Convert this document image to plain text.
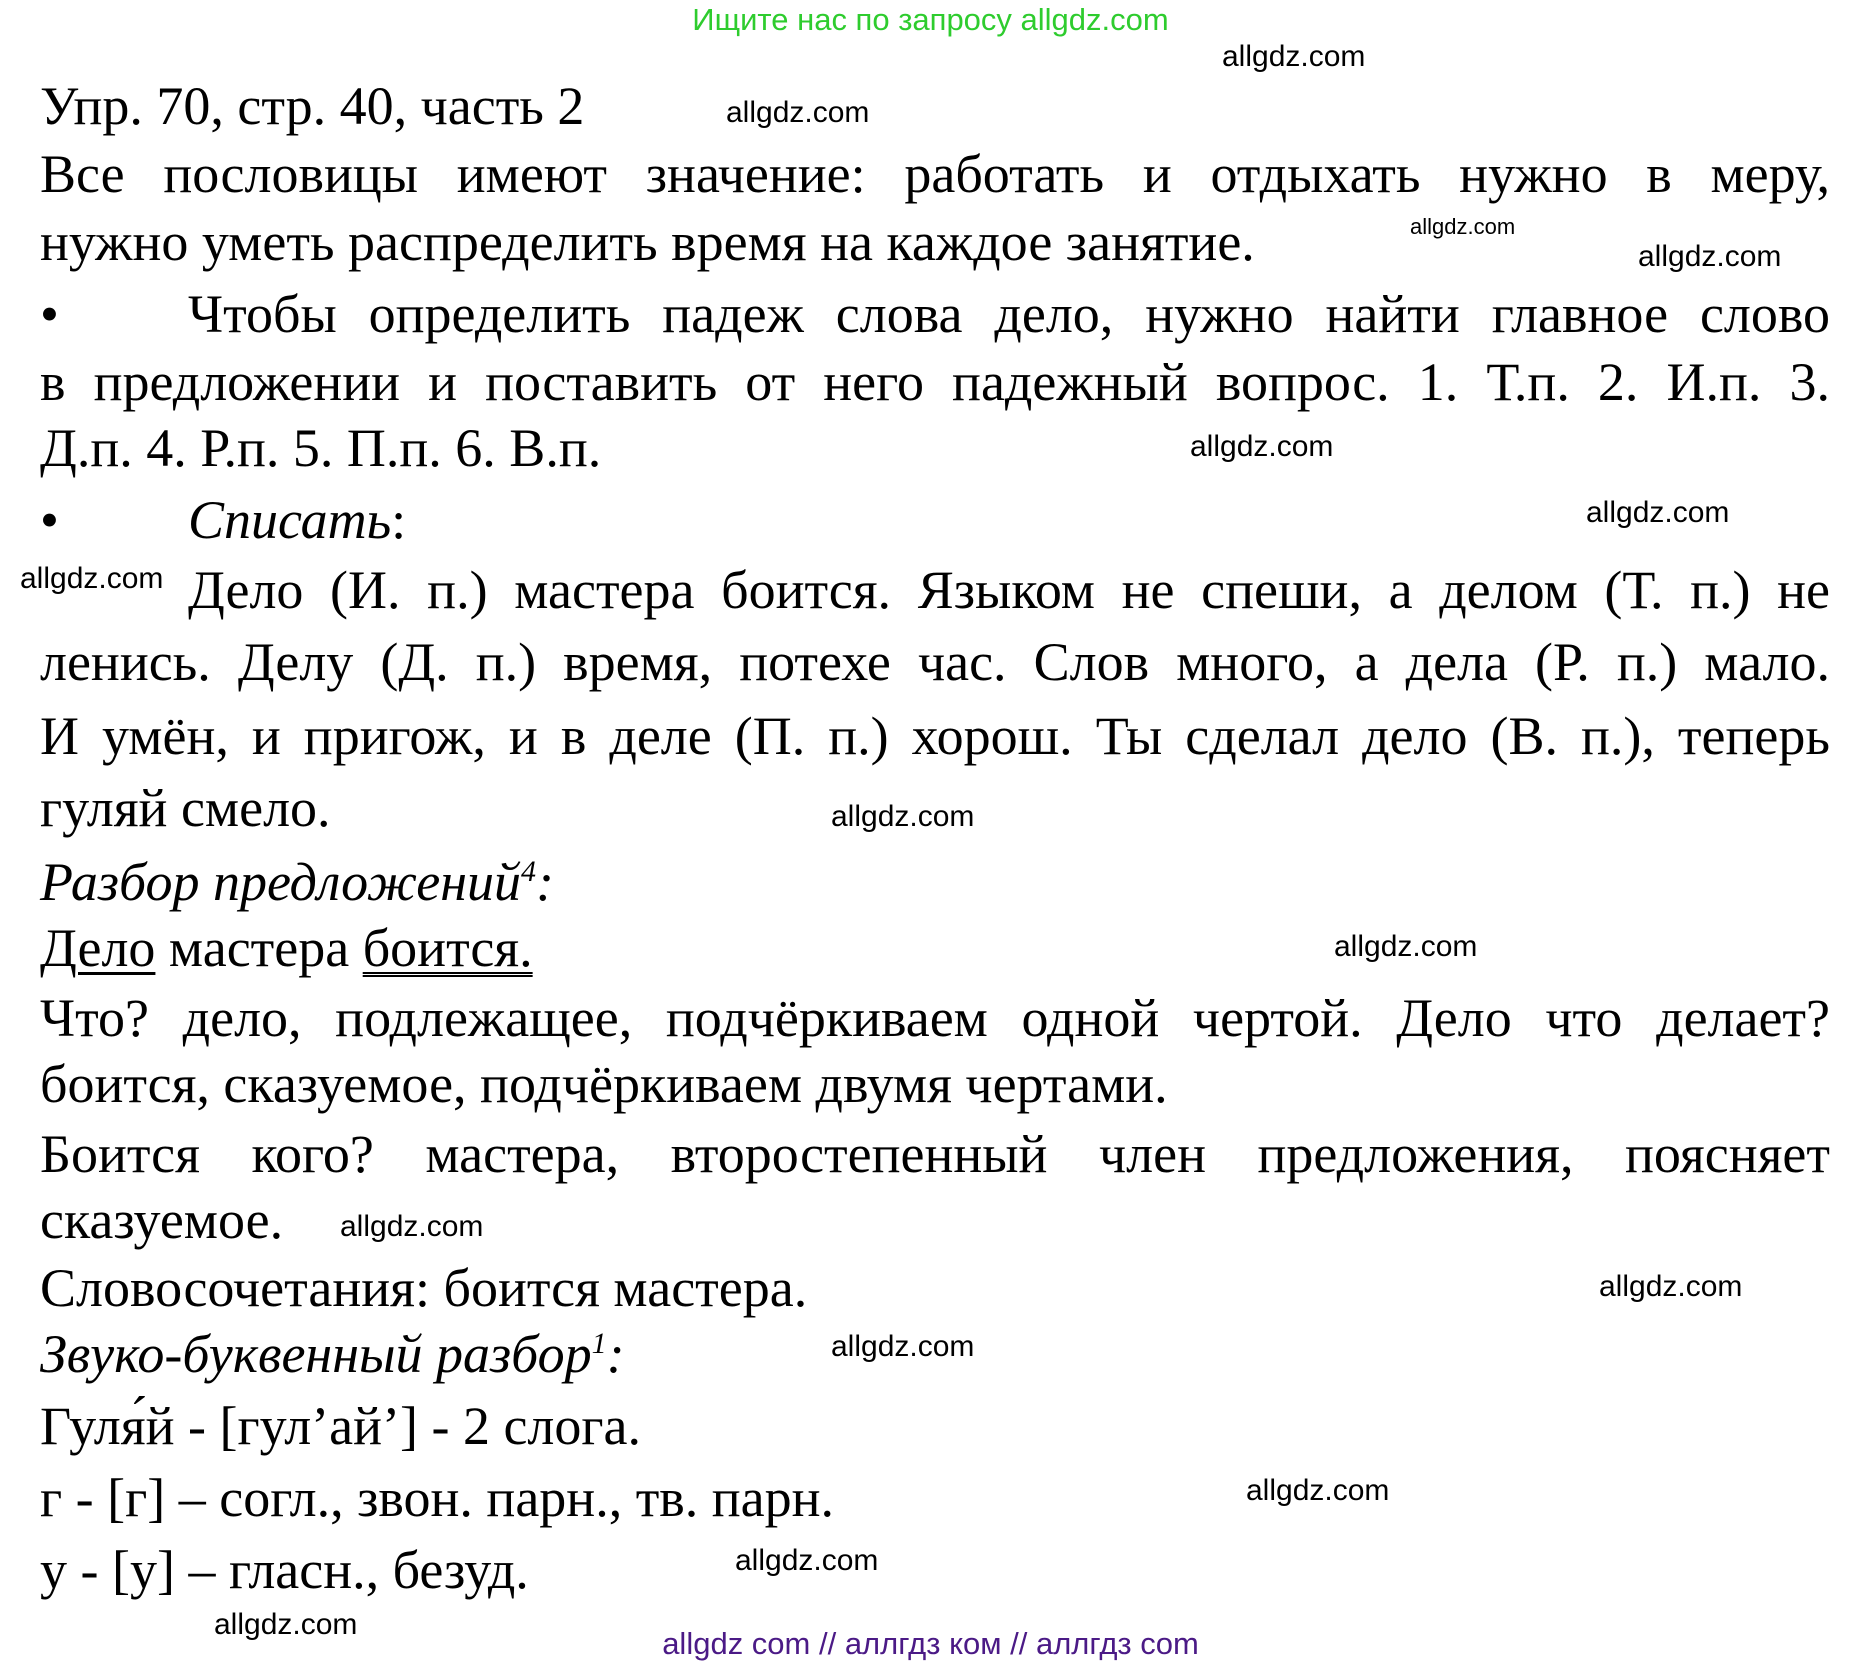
Ищите нас по запросу allgdz.com
Упр. 70, стр. 40, часть 2
Все пословицы имеют значение: работать и отдыхать нужно в меру,
нужно уметь распределить время на каждое занятие.
• Чтобы определить падеж слова дело, нужно найти главное слово
в предложении и поставить от него падежный вопрос. 1. Т.п. 2. И.п. 3.
Д.п. 4. Р.п. 5. П.п. 6. В.п.
• Списать:
Дело (И. п.) мастера боится. Языком не спеши, а делом (Т. п.) не
ленись. Делу (Д. п.) время, потехе час. Слов много, а дела (Р. п.) мало.
И умён, и пригож, и в деле (П. п.) хорош. Ты сделал дело (В. п.), теперь
гуляй смело.
Разбор предложений$^4$:
Дело мастера боится.
Что? дело, подлежащее, подчёркиваем одной чертой. Дело что делает?
боится, сказуемое, подчёркиваем двумя чертами.
Боится кого? мастера, второстепенный член предложения, поясняет
сказуемое.
Словосочетания: боится мастера.
Звуко-буквенный разбор$^1$:
Гуля́й - [гул’ай’] - 2 слога.
г - [г] – согл., звон. парн., тв. парн.
у - [у] – гласн., безуд.
allgdz.com
allgdz.com
allgdz.com
allgdz.com
allgdz.com
allgdz.com
allgdz.com
allgdz.com
allgdz.com
allgdz.com
allgdz.com
allgdz.com
allgdz.com
allgdz.com
allgdz.com
allgdz com // аллгдз ком // аллгдз com
